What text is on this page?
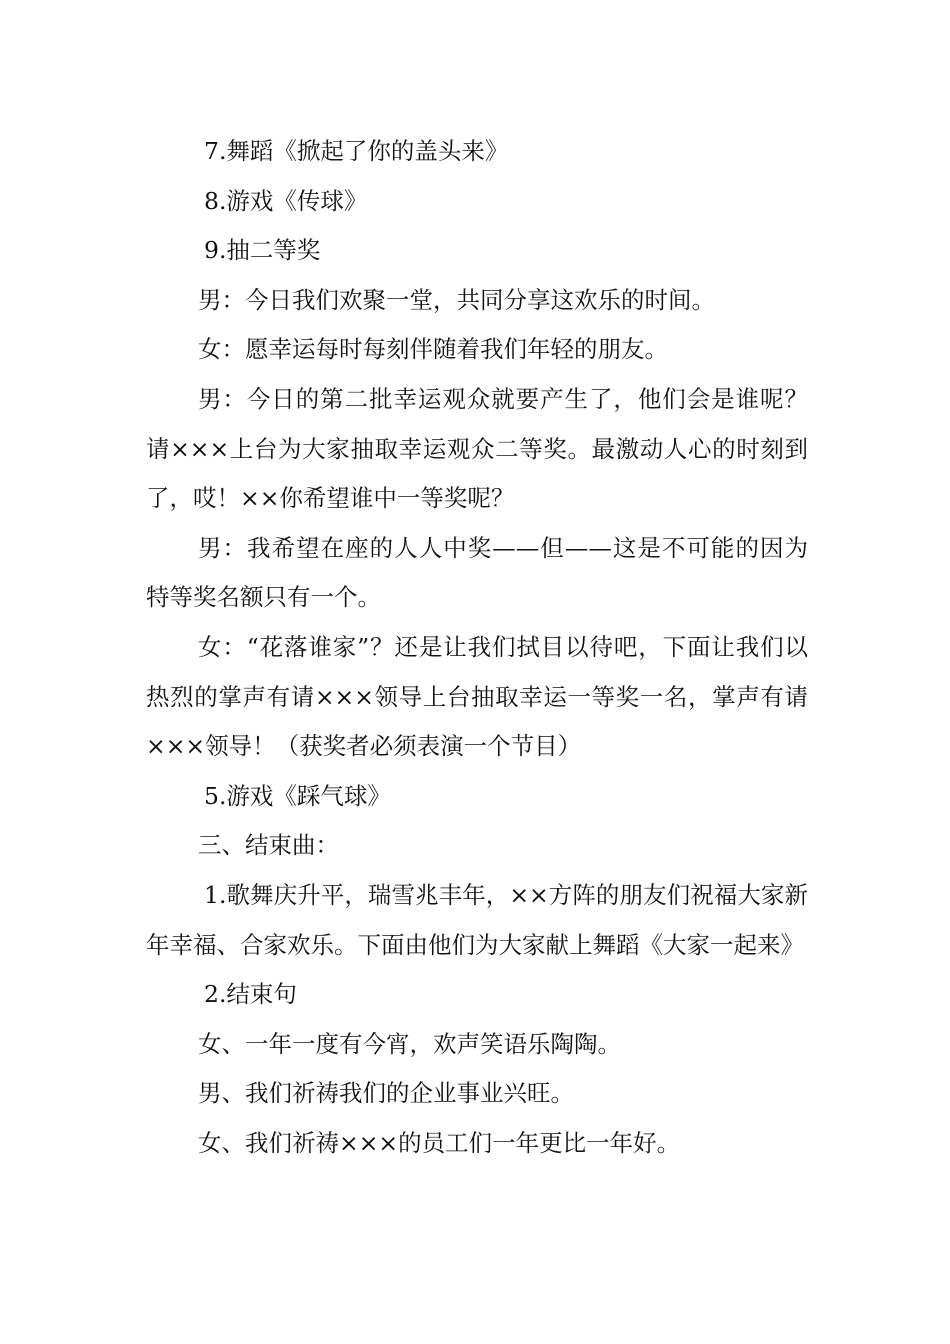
7.舞蹈《掀起了你的盖头来》

8.游戏《传球》

9.抽二等奖

男：今日我们欢聚一堂，共同分享这欢乐的时间。

女：愿幸运每时每刻伴随着我们年轻的朋友。

男：今日的第二批幸运观众就要产生了，他们会是谁呢？请×××上台为大家抽取幸运观众二等奖。最激动人心的时刻到了，哎！××你希望谁中一等奖呢？

男：我希望在座的人人中奖——但——这是不可能的因为特等奖名额只有一个。

女：“花落谁家”？还是让我们拭目以待吧，下面让我们以热烈的掌声有请×××领导上台抽取幸运一等奖一名，掌声有请×××领导！（获奖者必须表演一个节目）

5.游戏《踩气球》

三、结束曲：

1.歌舞庆升平，瑞雪兆丰年，××方阵的朋友们祝福大家新年幸福、合家欢乐。下面由他们为大家献上舞蹈《大家一起来》

2.结束句

女、一年一度有今宵，欢声笑语乐陶陶。

男、我们祈祷我们的企业事业兴旺。

女、我们祈祷×××的员工们一年更比一年好。
